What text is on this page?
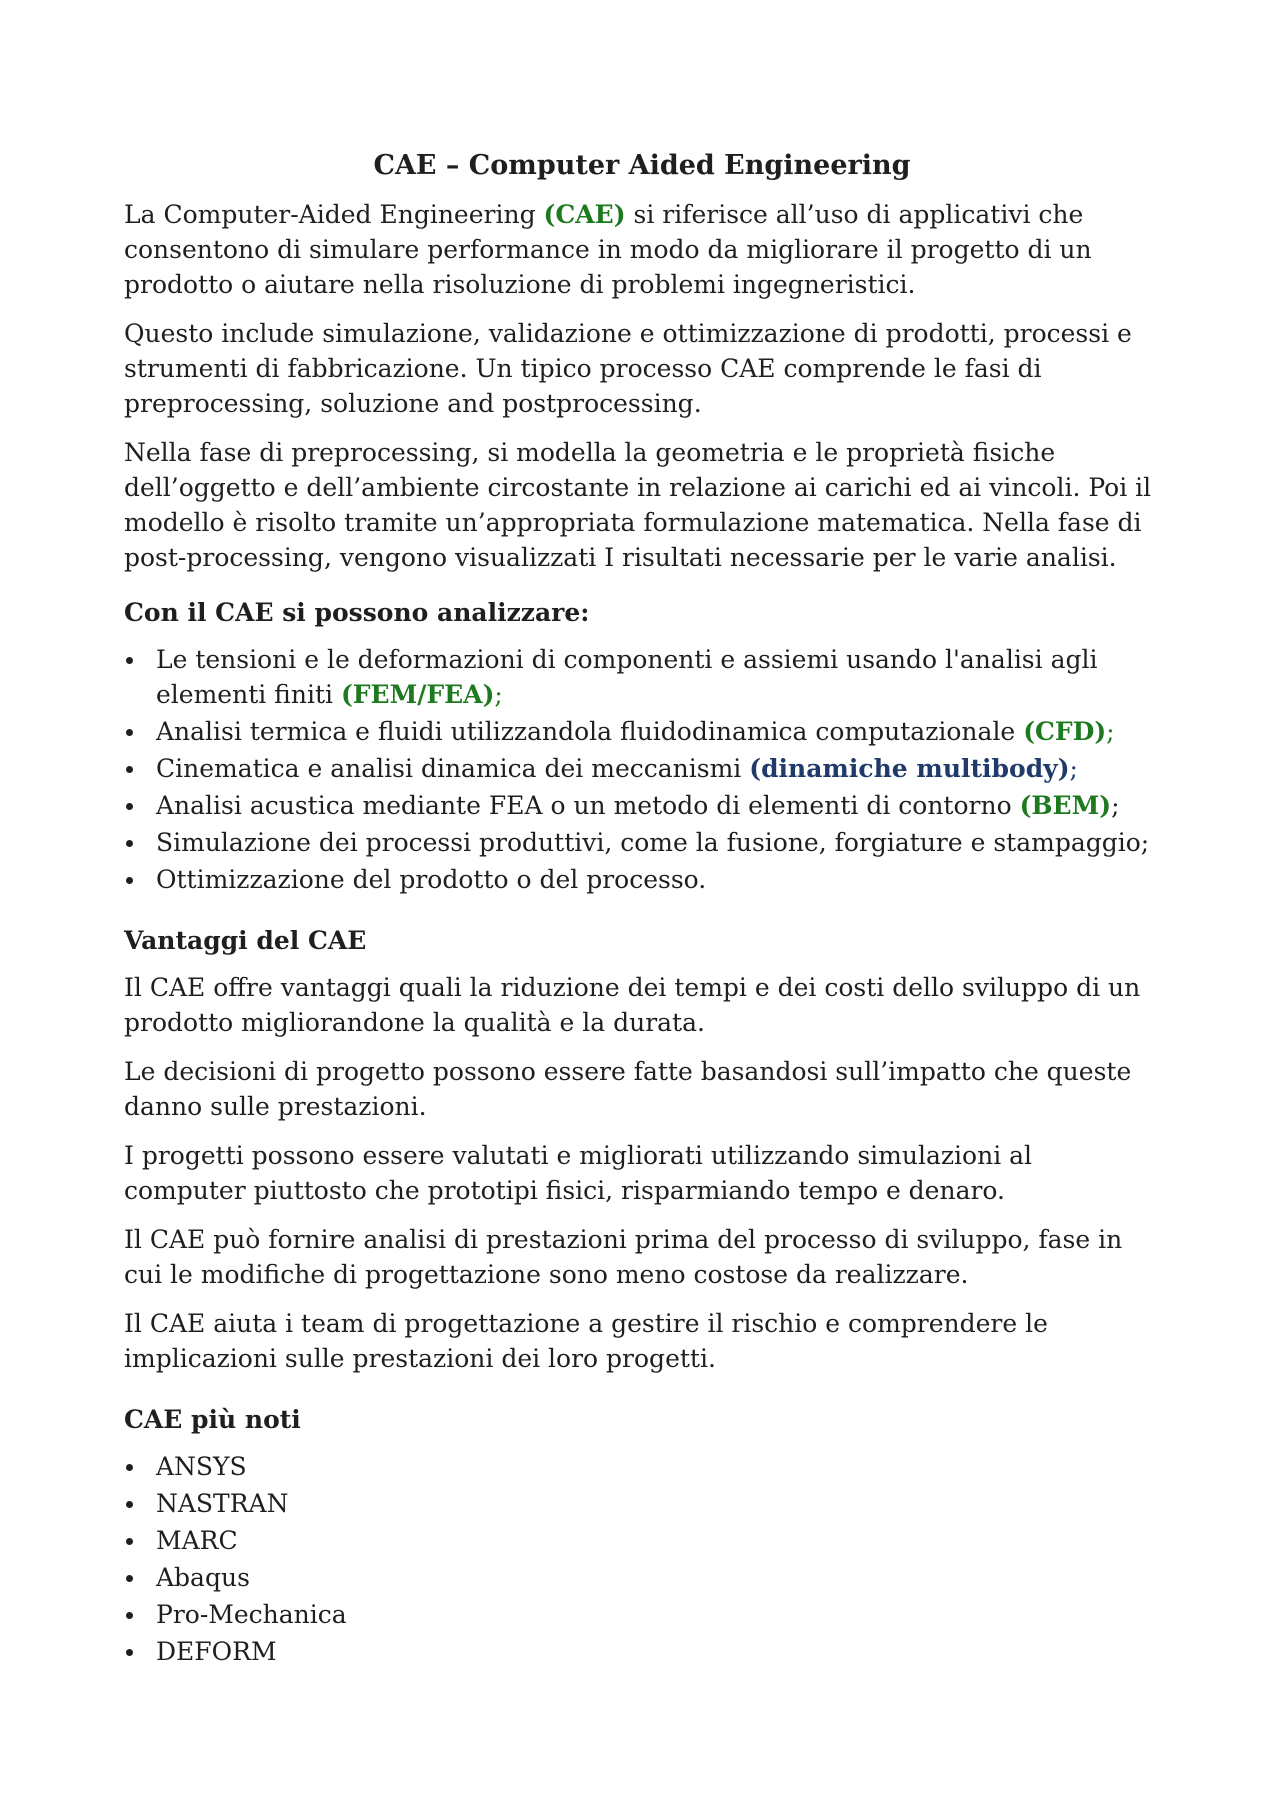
CAE – Computer Aided Engineering

La Computer-Aided Engineering (CAE) si riferisce all’uso di applicativi che consentono di simulare performance in modo da migliorare il progetto di un prodotto o aiutare nella risoluzione di problemi ingegneristici.

Questo include simulazione, validazione e ottimizzazione di prodotti, processi e strumenti di fabbricazione. Un tipico processo CAE comprende le fasi di preprocessing, soluzione and postprocessing.

Nella fase di preprocessing, si modella la geometria e le proprietà fisiche dell’oggetto e dell’ambiente circostante in relazione ai carichi ed ai vincoli. Poi il modello è risolto tramite un’appropriata formulazione matematica. Nella fase di post-processing, vengono visualizzati I risultati necessarie per le varie analisi.

Con il CAE si possono analizzare:
Le tensioni e le deformazioni di componenti e assiemi usando l'analisi agli elementi finiti (FEM/FEA);
Analisi termica e fluidi utilizzandola fluidodinamica computazionale (CFD);
Cinematica e analisi dinamica dei meccanismi (dinamiche multibody);
Analisi acustica mediante FEA o un metodo di elementi di contorno (BEM);
Simulazione dei processi produttivi, come la fusione, forgiature e stampaggio;
Ottimizzazione del prodotto o del processo.
Vantaggi del CAE

Il CAE offre vantaggi quali la riduzione dei tempi e dei costi dello sviluppo di un prodotto migliorandone la qualità e la durata.

Le decisioni di progetto possono essere fatte basandosi sull’impatto che queste danno sulle prestazioni.

I progetti possono essere valutati e migliorati utilizzando simulazioni al computer piuttosto che prototipi fisici, risparmiando tempo e denaro.

Il CAE può fornire analisi di prestazioni prima del processo di sviluppo, fase in cui le modifiche di progettazione sono meno costose da realizzare.

Il CAE aiuta i team di progettazione a gestire il rischio e comprendere le implicazioni sulle prestazioni dei loro progetti.

CAE più noti
ANSYS
NASTRAN
MARC
Abaqus
Pro-Mechanica
DEFORM
